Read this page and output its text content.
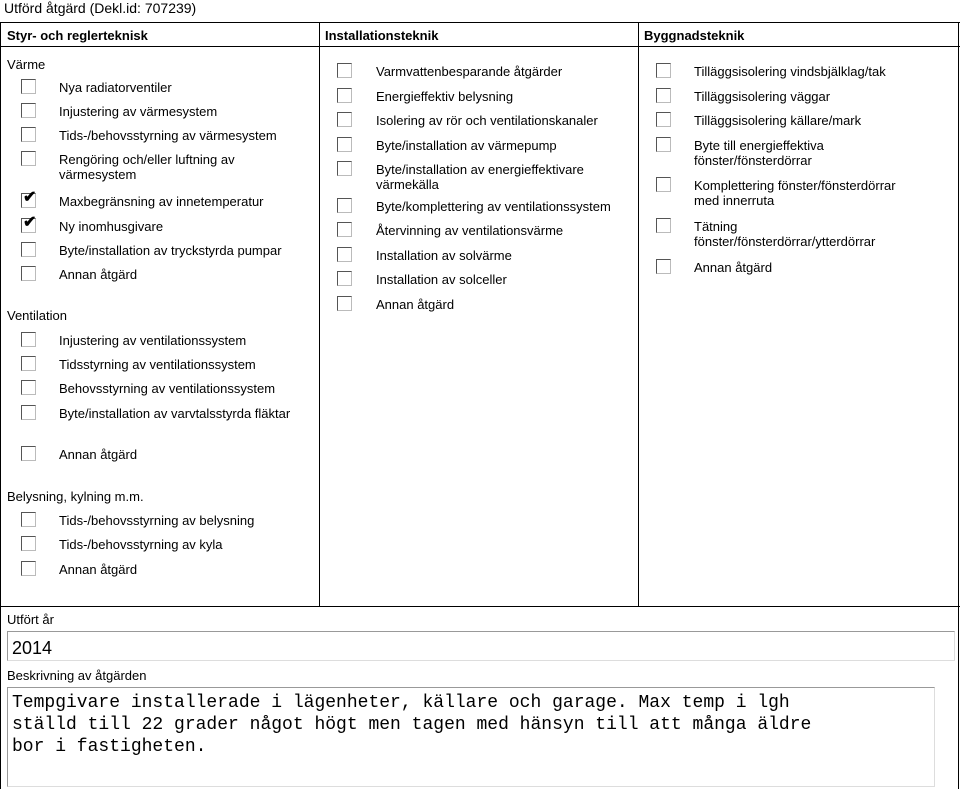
Utförd åtgärd (Dekl.id: 707239)
Styr- och reglerteknisk	Installationsteknik	Byggnadsteknik
Värme
Nya radiatorventiler
Injustering av värmesystem
Tids-/behovsstyrning av värmesystem
Rengöring och/eller luftning av
värmesystem
✔ Maxbegränsning av innetemperatur
✔ Ny inomhusgivare
Byte/installation av tryckstyrda pumpar
Annan åtgärd
Ventilation
Injustering av ventilationssystem
Tidsstyrning av ventilationssystem
Behovsstyrning av ventilationssystem
Byte/installation av varvtalsstyrda fläktar
Annan åtgärd
Belysning, kylning m.m.
Tids-/behovsstyrning av belysning
Tids-/behovsstyrning av kyla
Annan åtgärd
Varmvattenbesparande åtgärder
Energieffektiv belysning
Isolering av rör och ventilationskanaler
Byte/installation av värmepump
Byte/installation av energieffektivare
värmekälla
Byte/komplettering av ventilationssystem
Återvinning av ventilationsvärme
Installation av solvärme
Installation av solceller
Annan åtgärd
Tilläggsisolering vindsbjälklag/tak
Tilläggsisolering väggar
Tilläggsisolering källare/mark
Byte till energieffektiva
fönster/fönsterdörrar
Komplettering fönster/fönsterdörrar
med innerruta
Tätning
fönster/fönsterdörrar/ytterdörrar
Annan åtgärd
Utfört år
2014
Beskrivning av åtgärden
Tempgivare installerade i lägenheter, källare och garage. Max temp i lgh
ställd till 22 grader något högt men tagen med hänsyn till att många äldre
bor i fastigheten.
